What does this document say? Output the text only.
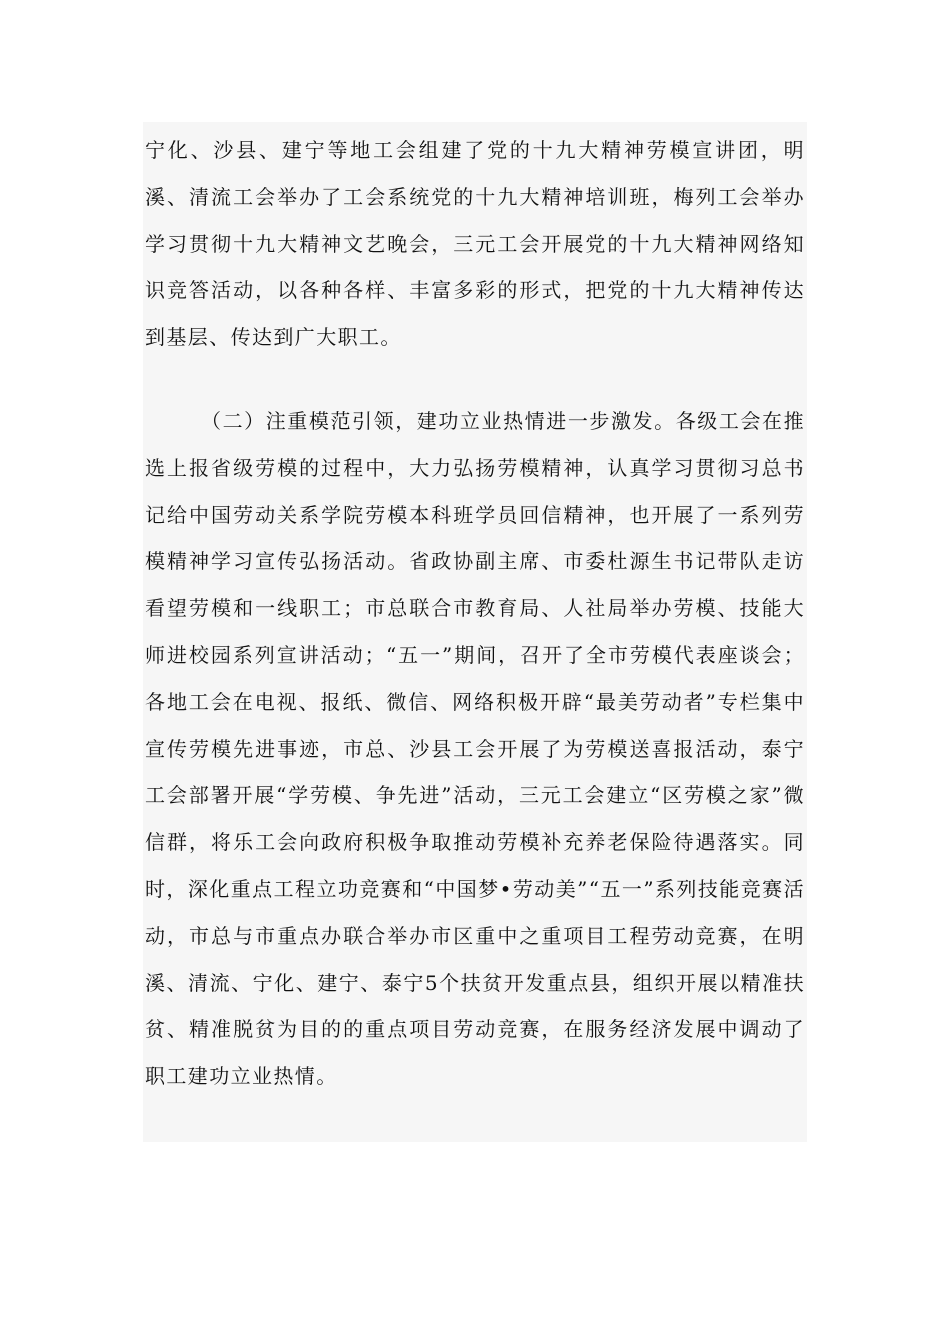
宁化、沙县、建宁等地工会组建了党的十九大精神劳模宣讲团，明溪、清流工会举办了工会系统党的十九大精神培训班，梅列工会举办学习贯彻十九大精神文艺晚会，三元工会开展党的十九大精神网络知识竞答活动，以各种各样、丰富多彩的形式，把党的十九大精神传达到基层、传达到广大职工。

（二）注重模范引领，建功立业热情进一步激发。各级工会在推选上报省级劳模的过程中，大力弘扬劳模精神，认真学习贯彻习总书记给中国劳动关系学院劳模本科班学员回信精神，也开展了一系列劳模精神学习宣传弘扬活动。省政协副主席、市委杜源生书记带队走访看望劳模和一线职工；市总联合市教育局、人社局举办劳模、技能大师进校园系列宣讲活动；“五一”期间，召开了全市劳模代表座谈会；各地工会在电视、报纸、微信、网络积极开辟“最美劳动者”专栏集中宣传劳模先进事迹，市总、沙县工会开展了为劳模送喜报活动，泰宁工会部署开展“学劳模、争先进”活动，三元工会建立“区劳模之家”微信群，将乐工会向政府积极争取推动劳模补充养老保险待遇落实。同时，深化重点工程立功竞赛和“中国梦•劳动美”“五一”系列技能竞赛活动，市总与市重点办联合举办市区重中之重项目工程劳动竞赛，在明溪、清流、宁化、建宁、泰宁5个扶贫开发重点县，组织开展以精准扶贫、精准脱贫为目的的重点项目劳动竞赛，在服务经济发展中调动了职工建功立业热情。
